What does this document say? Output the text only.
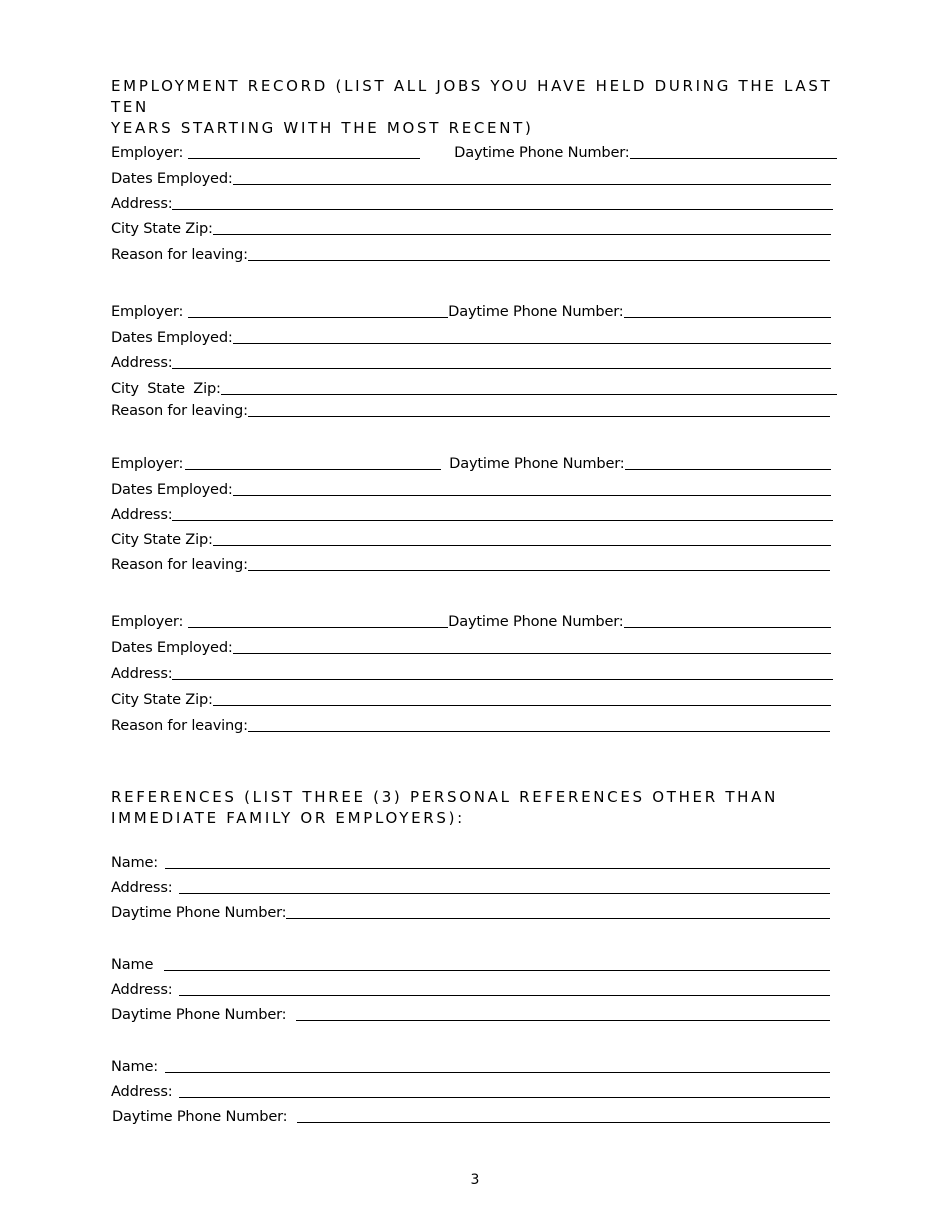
EMPLOYMENT RECORD (LIST ALL JOBS YOU HAVE HELD DURING THE LAST TEN
YEARS STARTING WITH THE MOST RECENT)
Employer:	Daytime Phone Number:
Dates Employed:
Address:
City State Zip:
Reason for leaving:
Employer:	Daytime Phone Number:
Dates Employed:
Address:
City State Zip:
Reason for leaving:
Employer:	Daytime Phone Number:
Dates Employed:
Address:
City State Zip:
Reason for leaving:
Employer:	Daytime Phone Number:
Dates Employed:
Address:
City State Zip:
Reason for leaving:
REFERENCES (LIST THREE (3) PERSONAL REFERENCES OTHER THAN
IMMEDIATE FAMILY OR EMPLOYERS):
Name:
Address:
Daytime Phone Number:
Name
Address:
Daytime Phone Number:
Name:
Address:
Daytime Phone Number:
3
